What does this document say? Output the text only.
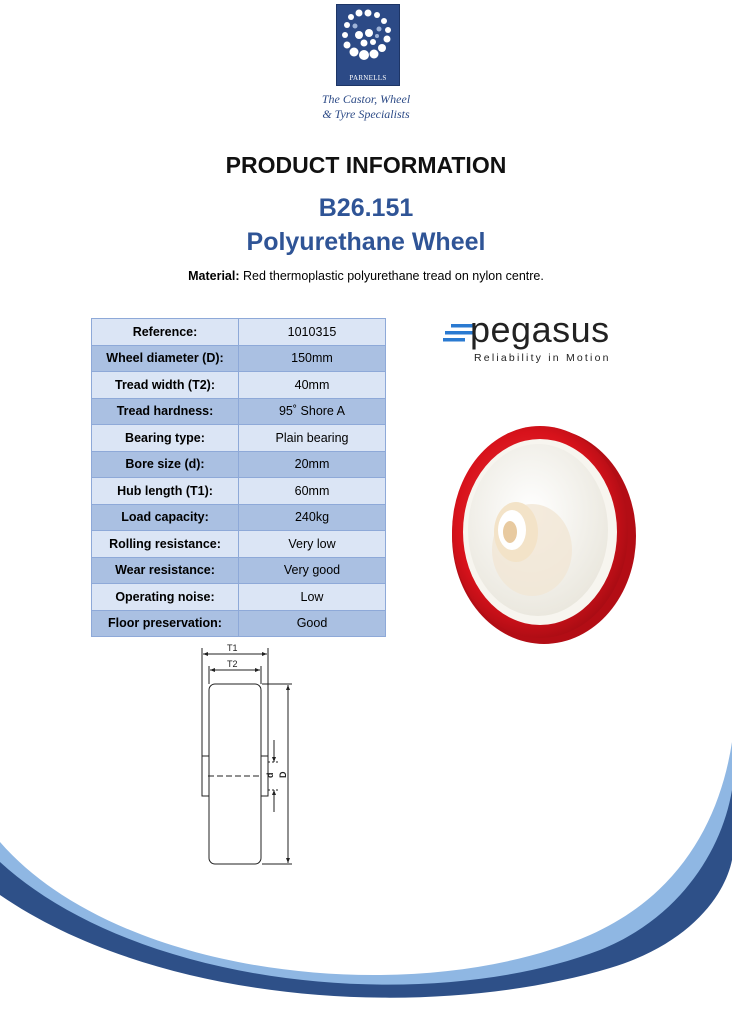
PARNELLS
The Castor, Wheel
& Tyre Specialists
PRODUCT INFORMATION
B26.151
Polyurethane Wheel
Material: Red thermoplastic polyurethane tread on nylon centre.
Reference:	1010315
Wheel diameter (D):	150mm
Tread width (T2):	40mm
Tread hardness:	95˚ Shore A
Bearing type:	Plain bearing
Bore size (d):	20mm
Hub length (T1):	60mm
Load capacity:	240kg
Rolling resistance:	Very low
Wear resistance:	Very good
Operating noise:	Low
Floor preservation:	Good
pegasus
Reliability in Motion
T1
T2
d D
